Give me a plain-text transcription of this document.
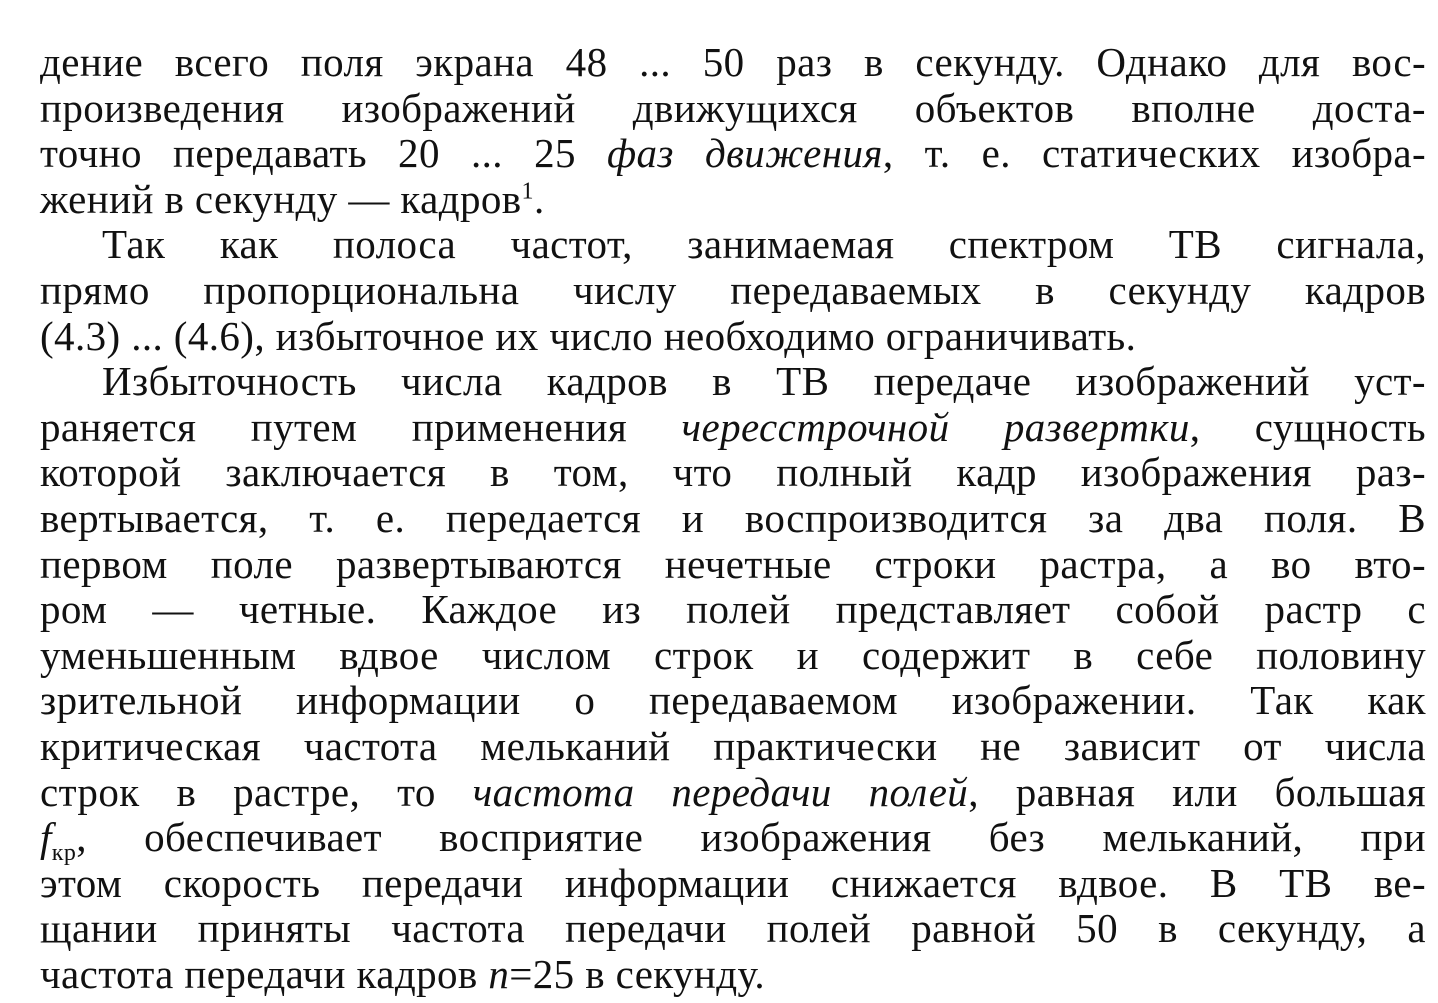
дение всего поля экрана 48 ... 50 раз в секунду. Однако для вос-
произведения изображений движущихся объектов вполне доста-
точно передавать 20 ... 25 фаз движения, т. е. статических изобра-
жений в секунду — кадров$^1$.
Так как полоса частот, занимаемая спектром ТВ сигнала,
прямо пропорциональна числу передаваемых в секунду кадров
(4.3) ... (4.6), избыточное их число необходимо ограничивать.
Избыточность числа кадров в ТВ передаче изображений уст-
раняется путем применения чересстрочной развертки, сущность
которой заключается в том, что полный кадр изображения раз-
вертывается, т. е. передается и воспроизводится за два поля. В
первом поле развертываются нечетные строки растра, а во вто-
ром — четные. Каждое из полей представляет собой растр с
уменьшенным вдвое числом строк и содержит в себе половину
зрительной информации о передаваемом изображении. Так как
критическая частота мельканий практически не зависит от числа
строк в растре, то частота передачи полей, равная или большая
$f_{кр}$, обеспечивает восприятие изображения без мельканий, при
этом скорость передачи информации снижается вдвое. В ТВ ве-
щании приняты частота передачи полей равной 50 в секунду, а
частота передачи кадров n=25 в секунду.
